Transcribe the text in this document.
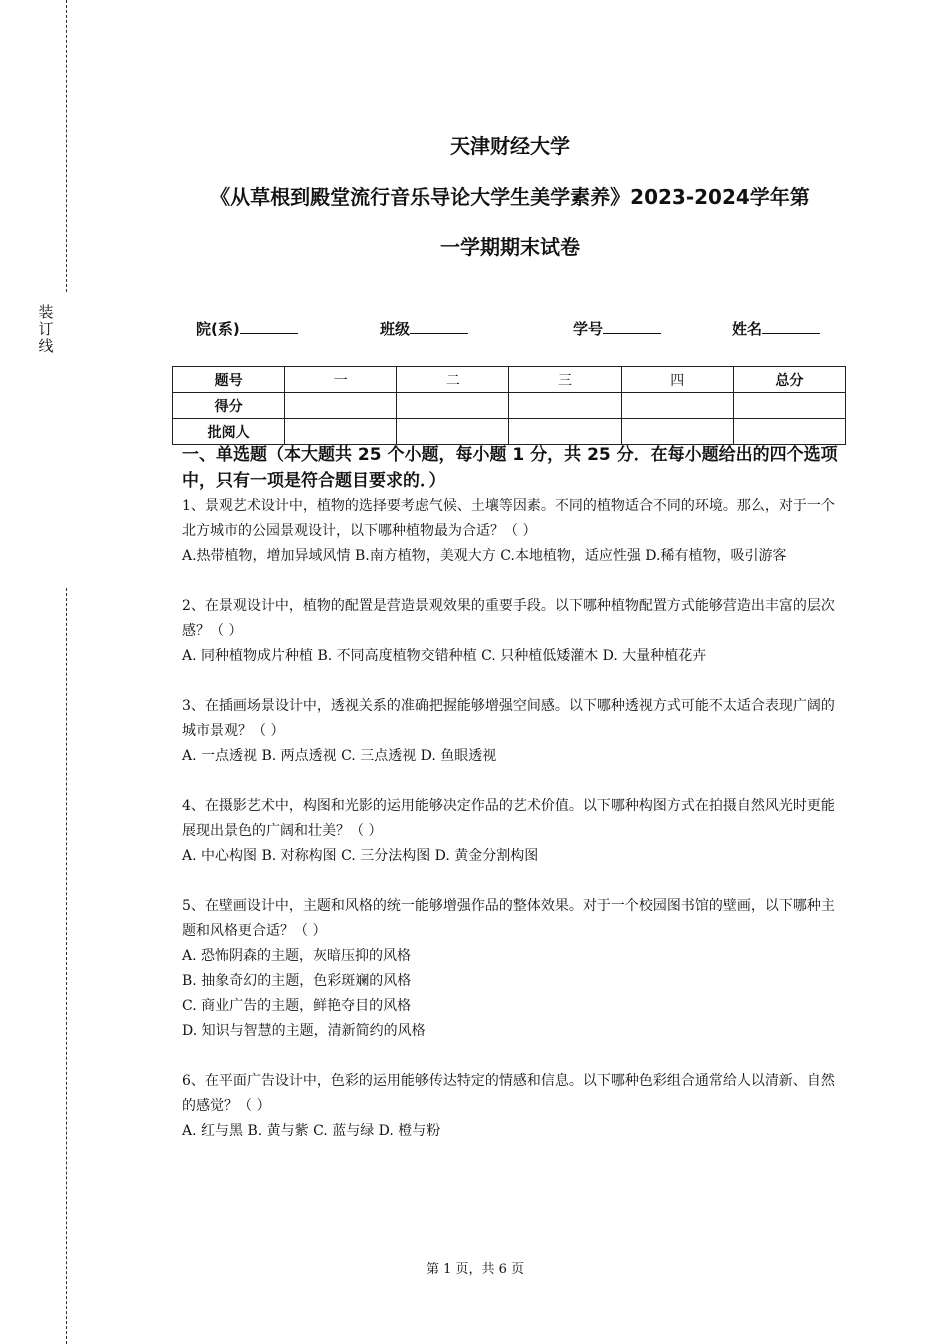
装
订
线
天津财经大学
《从草根到殿堂流行音乐导论大学生美学素养》2023-2024学年第
一学期期末试卷
院(系)	班级	学号	姓名
题号	一	二	三	四	总分
得分					
批阅人					
一、单选题（本大题共 25 个小题，每小题 1 分，共 25 分．在每小题给出的四个选项中，只有一项是符合题目要求的．）

1、景观艺术设计中，植物的选择要考虑气候、土壤等因素。不同的植物适合不同的环境。那么，对于一个北方城市的公园景观设计，以下哪种植物最为合适？（ ）

A.热带植物，增加异域风情 B.南方植物，美观大方 C.本地植物，适应性强 D.稀有植物，吸引游客

2、在景观设计中，植物的配置是营造景观效果的重要手段。以下哪种植物配置方式能够营造出丰富的层次感？（ ）

A. 同种植物成片种植 B. 不同高度植物交错种植 C. 只种植低矮灌木 D. 大量种植花卉

3、在插画场景设计中，透视关系的准确把握能够增强空间感。以下哪种透视方式可能不太适合表现广阔的城市景观？（ ）

A. 一点透视 B. 两点透视 C. 三点透视 D. 鱼眼透视

4、在摄影艺术中，构图和光影的运用能够决定作品的艺术价值。以下哪种构图方式在拍摄自然风光时更能展现出景色的广阔和壮美？（ ）

A. 中心构图 B. 对称构图 C. 三分法构图 D. 黄金分割构图

5、在壁画设计中，主题和风格的统一能够增强作品的整体效果。对于一个校园图书馆的壁画，以下哪种主题和风格更合适？（ ）

A. 恐怖阴森的主题，灰暗压抑的风格

B. 抽象奇幻的主题，色彩斑斓的风格

C. 商业广告的主题，鲜艳夺目的风格

D. 知识与智慧的主题，清新简约的风格

6、在平面广告设计中，色彩的运用能够传达特定的情感和信息。以下哪种色彩组合通常给人以清新、自然的感觉？（ ）

A. 红与黑 B. 黄与紫 C. 蓝与绿 D. 橙与粉

第 1 页，共 6 页
